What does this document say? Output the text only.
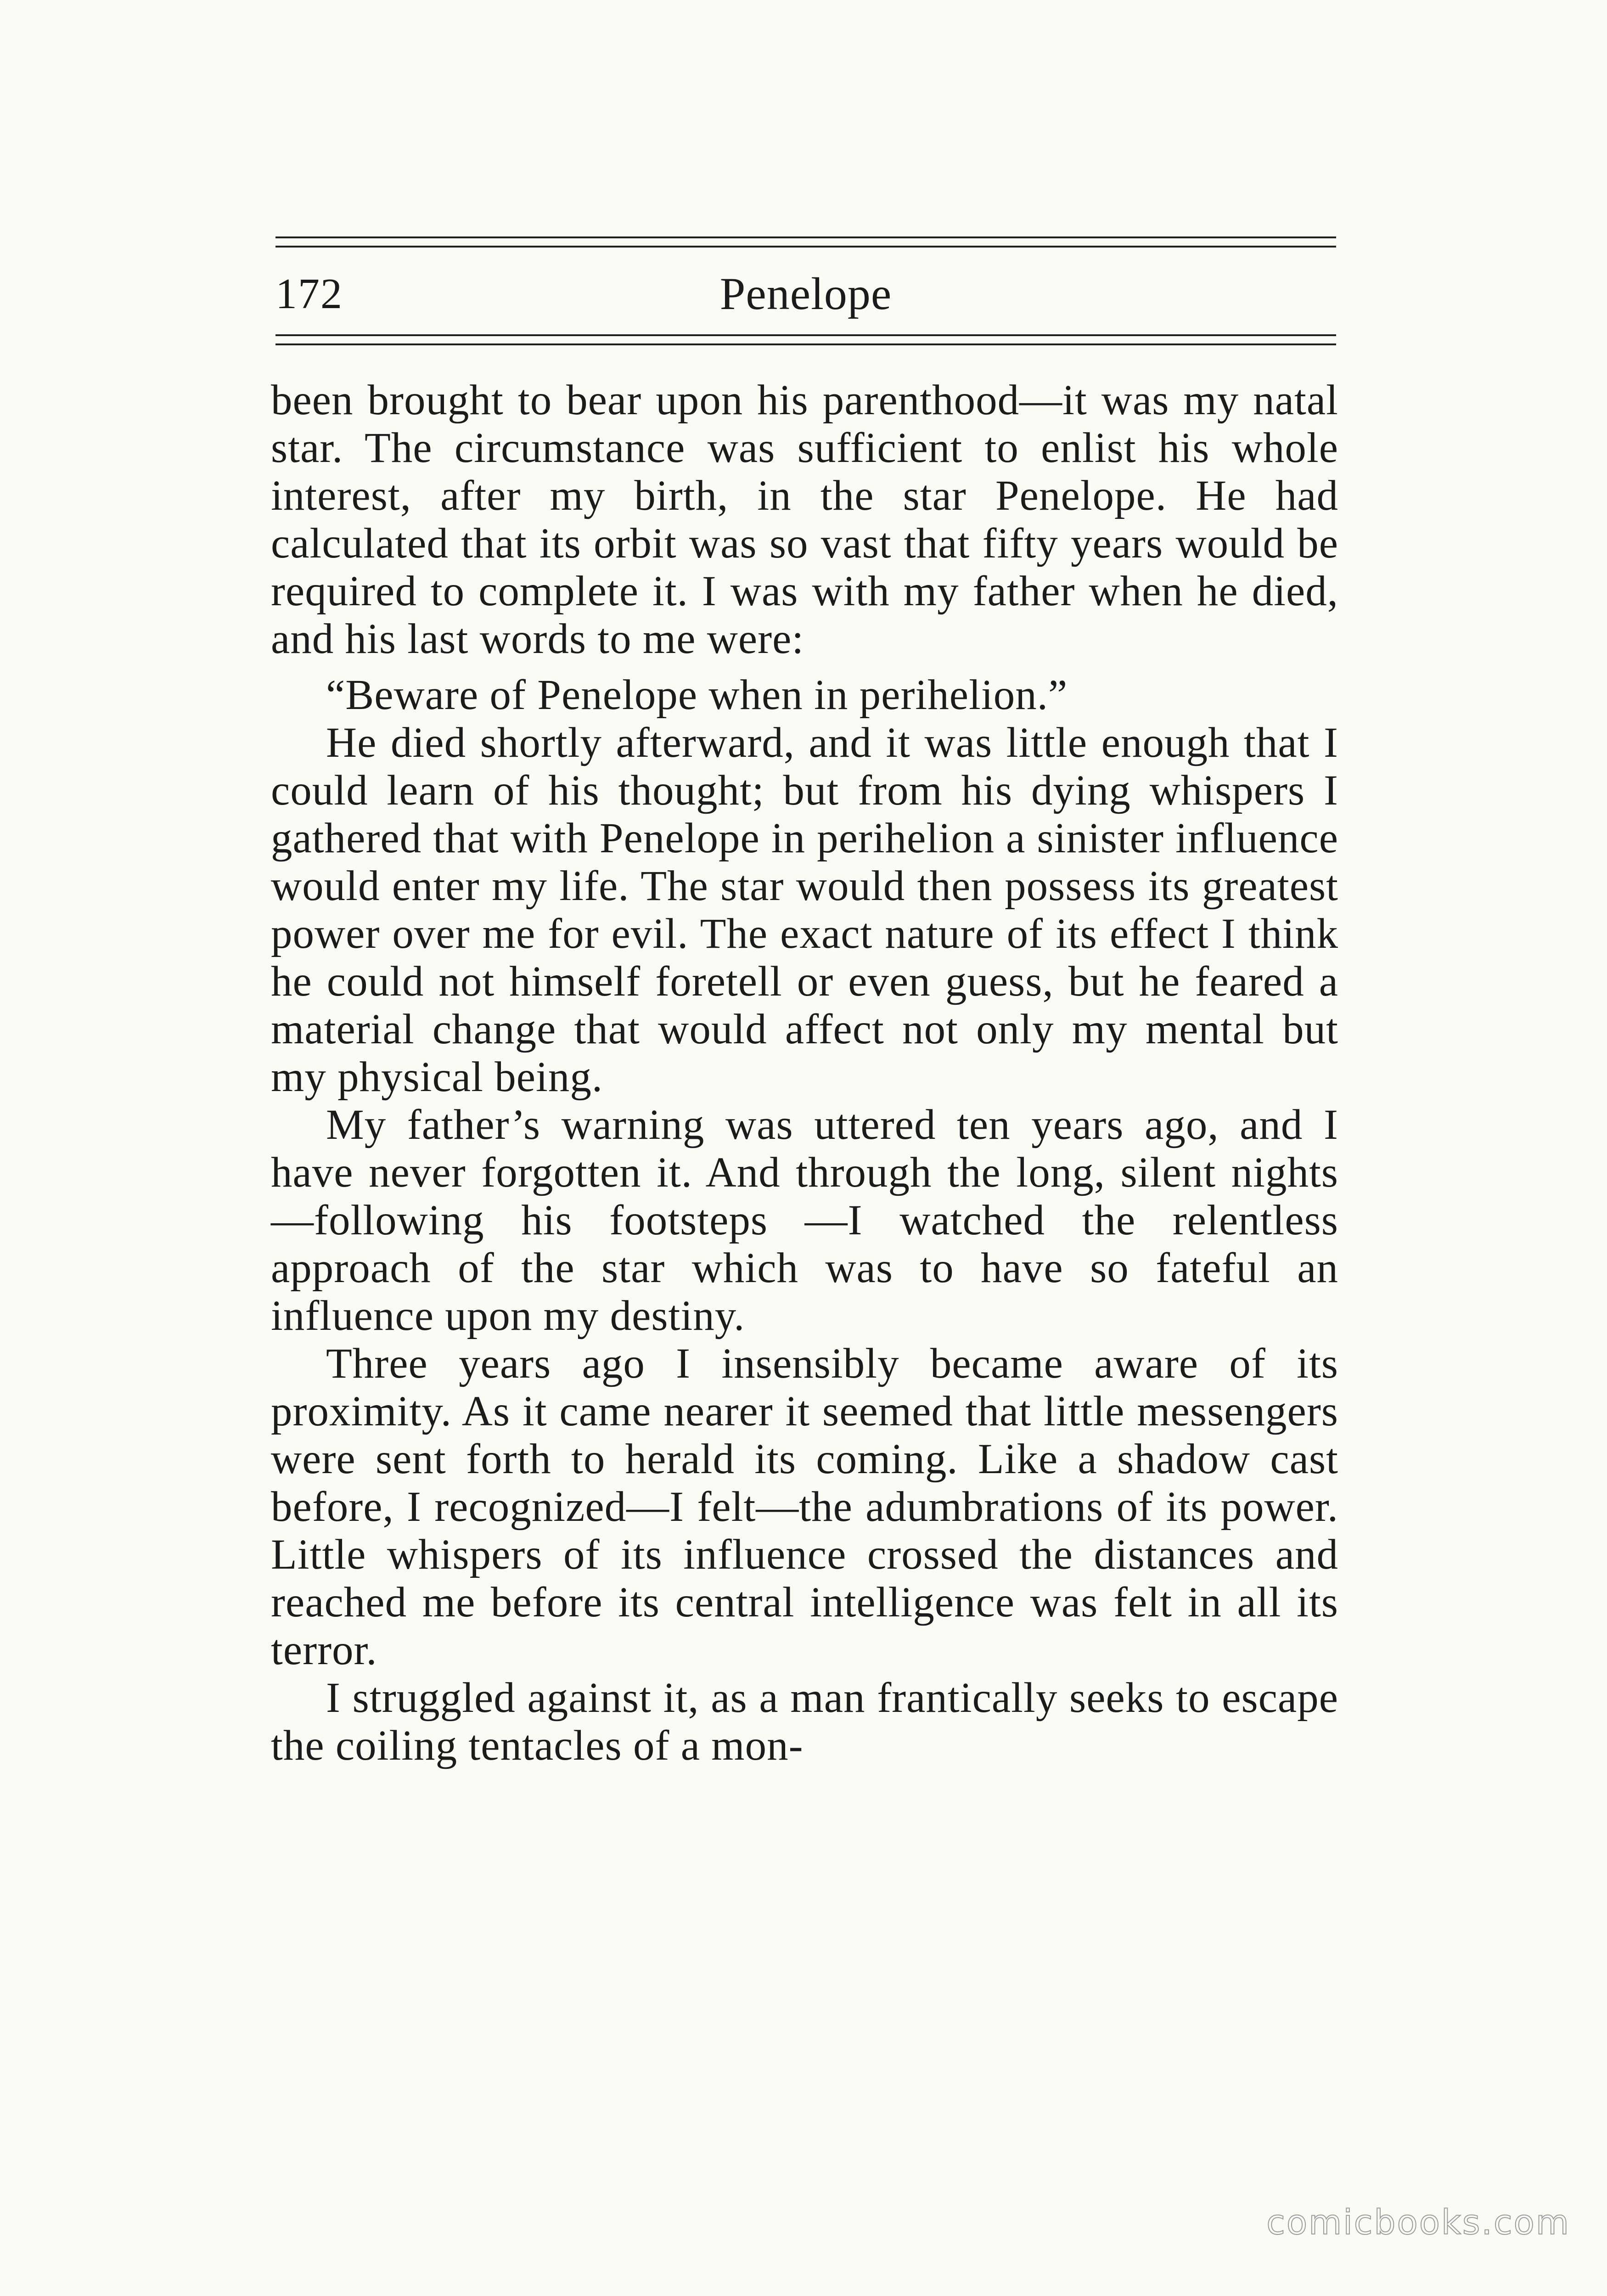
172	Penelope

been brought to bear upon his parenthood—it was my natal star. The circumstance was sufficient to enlist his whole interest, after my birth, in the star Penelope. He had calculated that its orbit was so vast that fifty years would be required to complete it. I was with my father when he died, and his last words to me were:

“Beware of Penelope when in perihelion.”

He died shortly afterward, and it was little enough that I could learn of his thought; but from his dying whispers I gathered that with Penelope in perihelion a sinister influence would enter my life. The star would then possess its greatest power over me for evil. The exact nature of its effect I think he could not himself foretell or even guess, but he feared a material change that would affect not only my mental but my physical being.

My father’s warning was uttered ten years ago, and I have never forgotten it. And through the long, silent nights—following his footsteps —I watched the relentless approach of the star which was to have so fateful an influence upon my destiny.

Three years ago I insensibly became aware of its proximity. As it came nearer it seemed that little messengers were sent forth to herald its coming. Like a shadow cast before, I recognized—I felt—the adumbrations of its power. Little whispers of its influence crossed the distances and reached me before its central intelligence was felt in all its terror.

I struggled against it, as a man frantically seeks to escape the coiling tentacles of a mon-

comicbooks.com
